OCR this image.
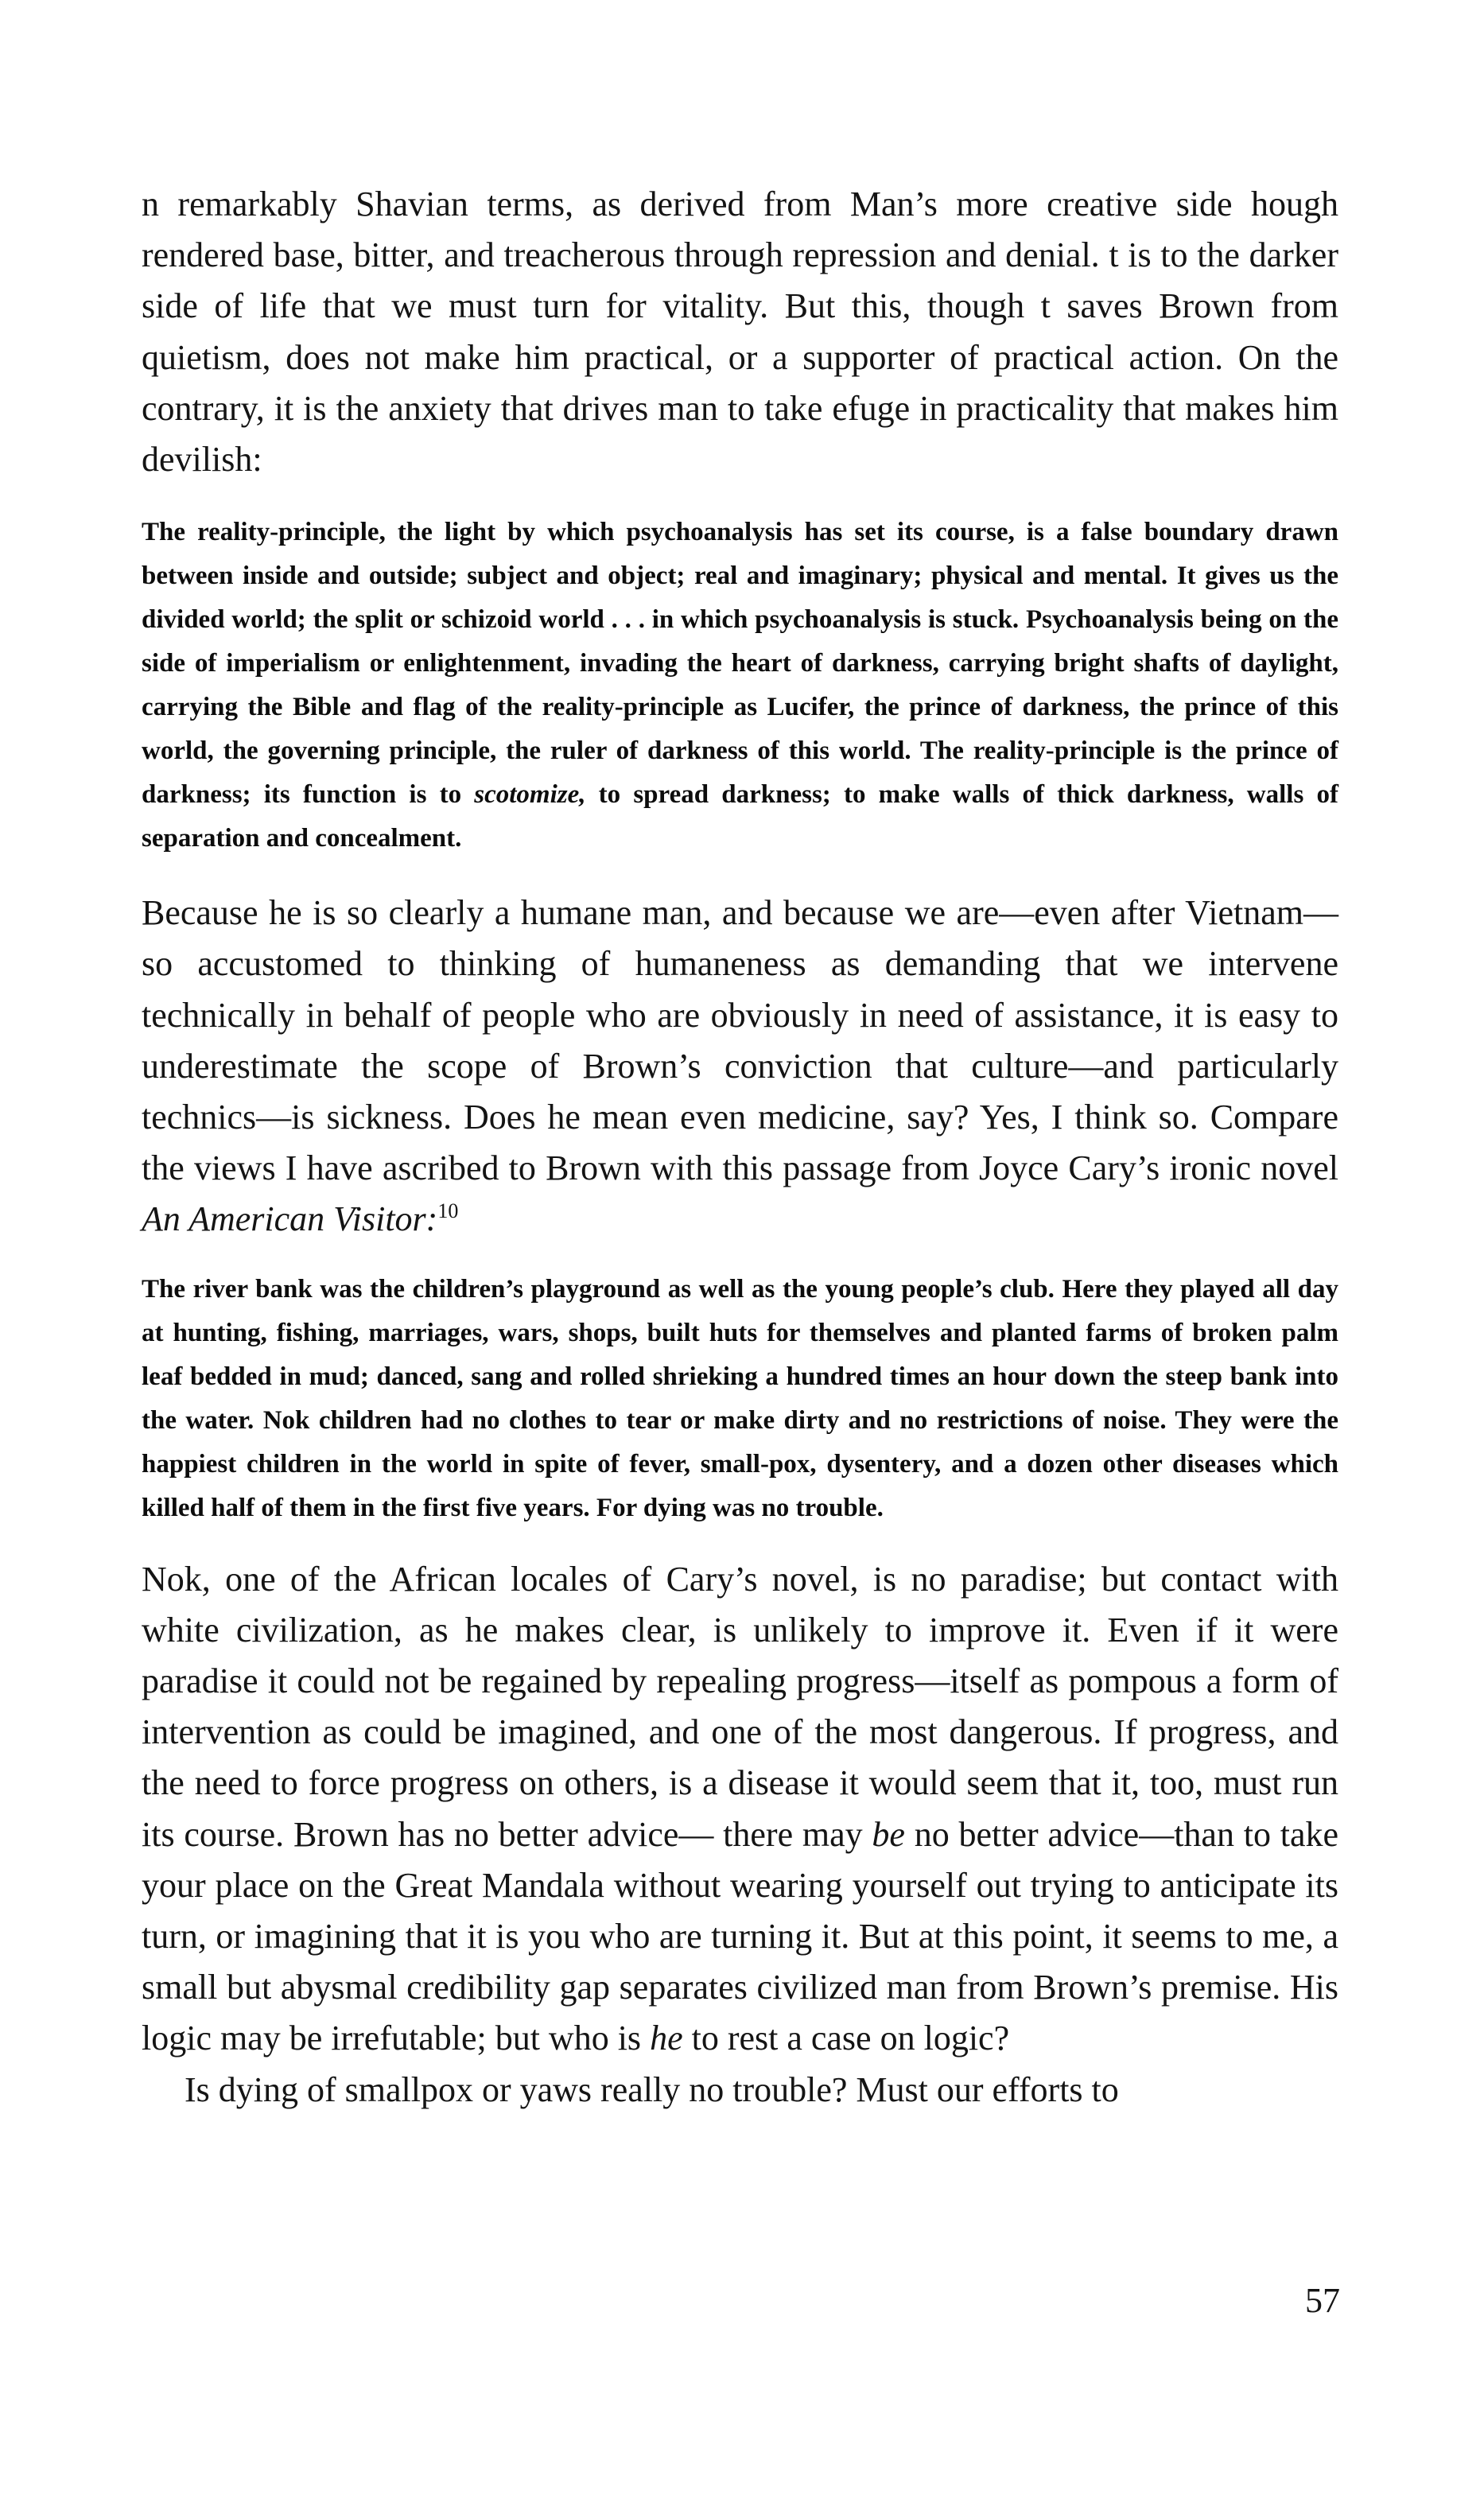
n remarkably Shavian terms, as derived from Man’s more creative side hough rendered base, bitter, and treacherous through repression and denial. t is to the darker side of life that we must turn for vitality. But this, though t saves Brown from quietism, does not make him practical, or a supporter of practical action. On the contrary, it is the anxiety that drives man to take efuge in practicality that makes him devilish:

The reality-principle, the light by which psychoanalysis has set its course, is a false boundary drawn between inside and outside; subject and object; real and imaginary; physical and mental. It gives us the divided world; the split or schizoid world . . . in which psychoanalysis is stuck. Psychoanalysis being on the side of imperialism or enlightenment, invading the heart of darkness, carrying bright shafts of daylight, carrying the Bible and flag of the reality-principle as Lucifer, the prince of darkness, the prince of this world, the governing principle, the ruler of darkness of this world. The reality-principle is the prince of darkness; its function is to scotomize, to spread darkness; to make walls of thick darkness, walls of separation and concealment.

Because he is so clearly a humane man, and because we are—even after Vietnam—so accustomed to thinking of humaneness as demanding that we intervene technically in behalf of people who are obviously in need of assistance, it is easy to underestimate the scope of Brown’s conviction that culture—and particularly technics—is sickness. Does he mean even medicine, say? Yes, I think so. Compare the views I have ascribed to Brown with this passage from Joyce Cary’s ironic novel An American Visitor:$^{10}$

The river bank was the children’s playground as well as the young people’s club. Here they played all day at hunting, fishing, marriages, wars, shops, built huts for themselves and planted farms of broken palm leaf bedded in mud; danced, sang and rolled shrieking a hundred times an hour down the steep bank into the water. Nok children had no clothes to tear or make dirty and no restrictions of noise. They were the happiest children in the world in spite of fever, small-pox, dysentery, and a dozen other diseases which killed half of them in the first five years. For dying was no trouble.

Nok, one of the African locales of Cary’s novel, is no paradise; but contact with white civilization, as he makes clear, is unlikely to improve it. Even if it were paradise it could not be regained by repealing progress—itself as pompous a form of intervention as could be imagined, and one of the most dangerous. If progress, and the need to force progress on others, is a disease it would seem that it, too, must run its course. Brown has no better advice— there may be no better advice—than to take your place on the Great Mandala without wearing yourself out trying to anticipate its turn, or imagining that it is you who are turning it. But at this point, it seems to me, a small but abysmal credibility gap separates civilized man from Brown’s premise. His logic may be irrefutable; but who is he to rest a case on logic?

Is dying of smallpox or yaws really no trouble? Must our efforts to

57
